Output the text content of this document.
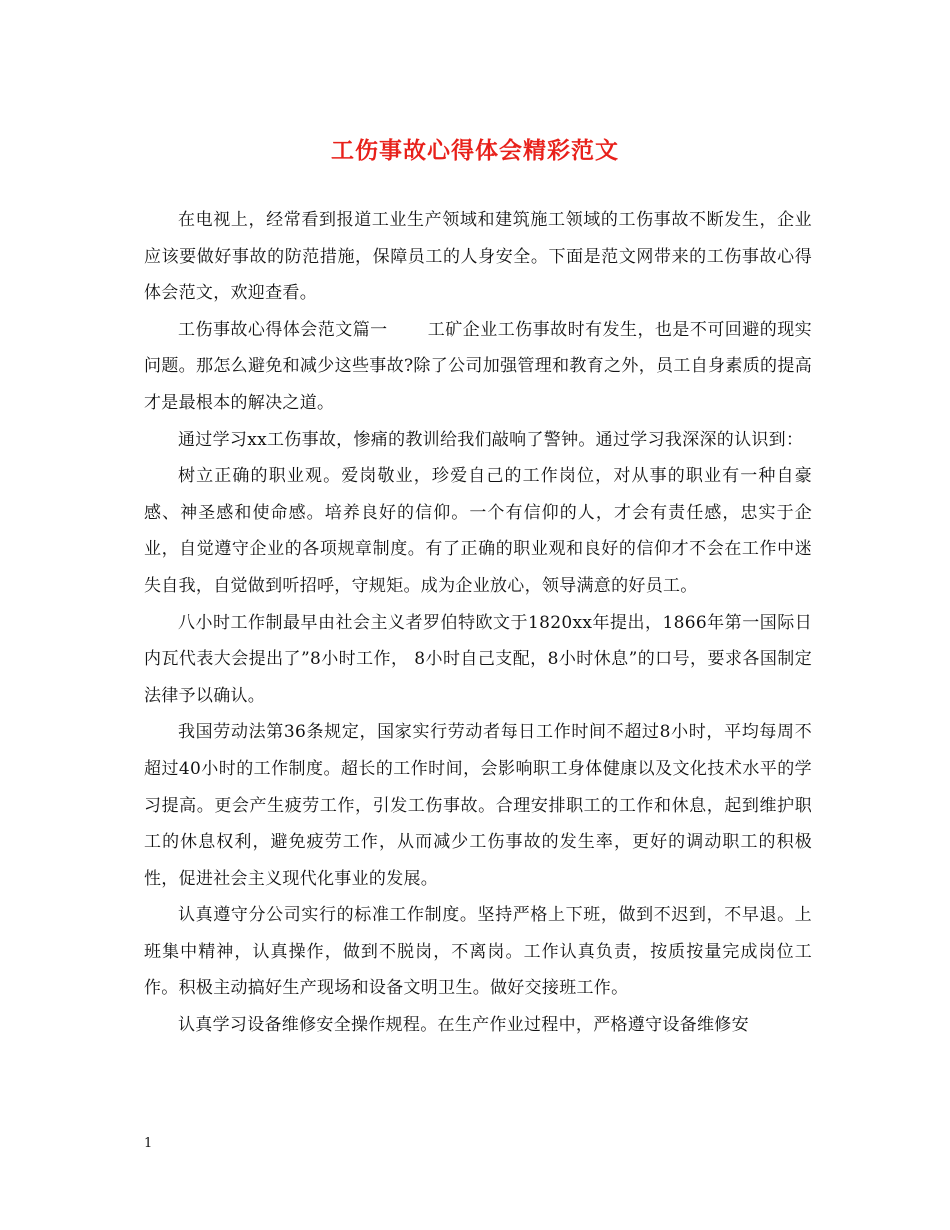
工伤事故心得体会精彩范文

在电视上，经常看到报道工业生产领域和建筑施工领域的工伤事故不断发生，企业应该要做好事故的防范措施，保障员工的人身安全。下面是范文网带来的工伤事故心得体会范文，欢迎查看。

工伤事故心得体会范文篇一 工矿企业工伤事故时有发生，也是不可回避的现实问题。那怎么避免和减少这些事故?除了公司加强管理和教育之外，员工自身素质的提高才是最根本的解决之道。

通过学习xx工伤事故，惨痛的教训给我们敲响了警钟。通过学习我深深的认识到：

树立正确的职业观。爱岗敬业，珍爱自己的工作岗位，对从事的职业有一种自豪感、神圣感和使命感。培养良好的信仰。一个有信仰的人，才会有责任感，忠实于企业，自觉遵守企业的各项规章制度。有了正确的职业观和良好的信仰才不会在工作中迷失自我，自觉做到听招呼，守规矩。成为企业放心，领导满意的好员工。

八小时工作制最早由社会主义者罗伯特欧文于1820xx年提出，1866年第一国际日内瓦代表大会提出了”8小时工作， 8小时自己支配，8小时休息”的口号，要求各国制定法律予以确认。

我国劳动法第36条规定，国家实行劳动者每日工作时间不超过8小时，平均每周不超过40小时的工作制度。超长的工作时间，会影响职工身体健康以及文化技术水平的学习提高。更会产生疲劳工作，引发工伤事故。合理安排职工的工作和休息，起到维护职工的休息权利，避免疲劳工作，从而减少工伤事故的发生率，更好的调动职工的积极性，促进社会主义现代化事业的发展。

认真遵守分公司实行的标准工作制度。坚持严格上下班，做到不迟到，不早退。上班集中精神，认真操作，做到不脱岗，不离岗。工作认真负责，按质按量完成岗位工作。积极主动搞好生产现场和设备文明卫生。做好交接班工作。

认真学习设备维修安全操作规程。在生产作业过程中，严格遵守设备维修安

1
